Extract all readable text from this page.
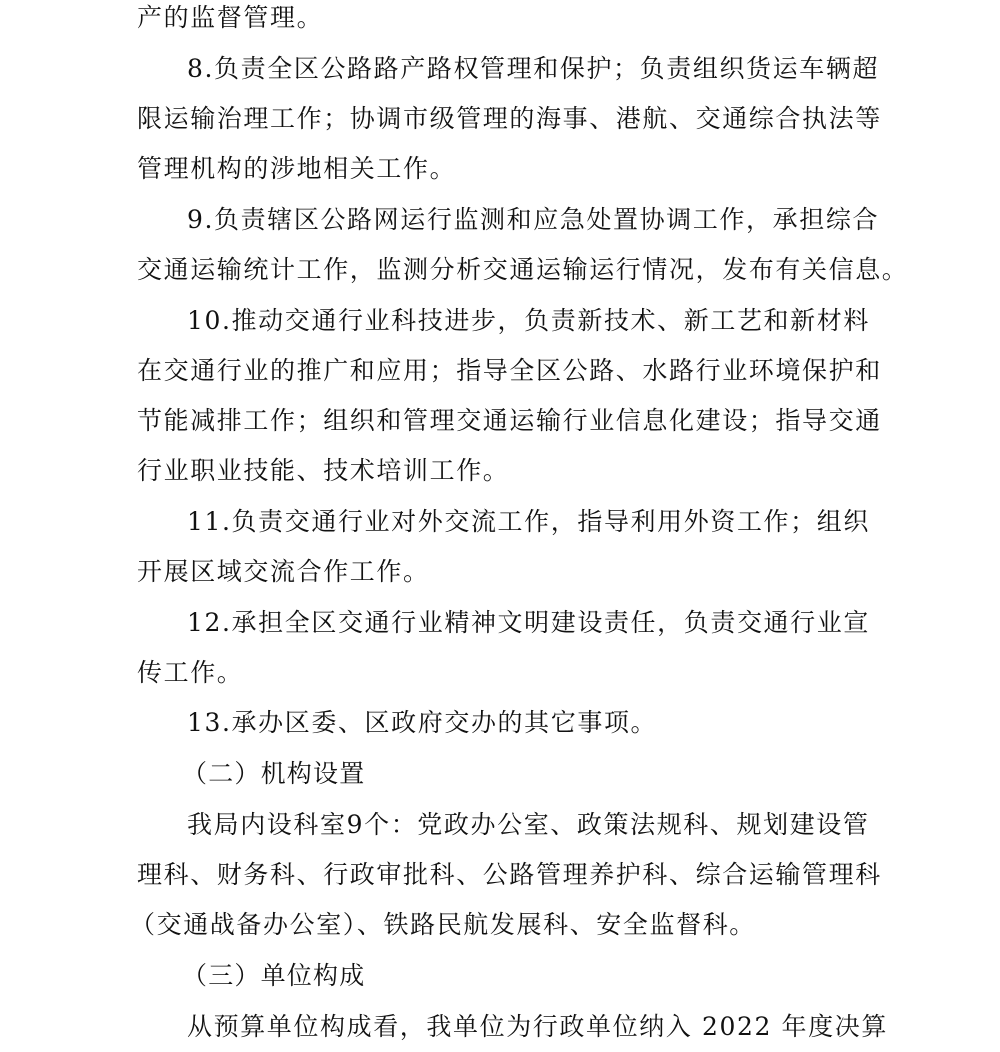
产的监督管理。
8.负责全区公路路产路权管理和保护；负责组织货运车辆超
限运输治理工作；协调市级管理的海事、港航、交通综合执法等
管理机构的涉地相关工作。
9.负责辖区公路网运行监测和应急处置协调工作，承担综合
交通运输统计工作，监测分析交通运输运行情况，发布有关信息。
10.推动交通行业科技进步，负责新技术、新工艺和新材料
在交通行业的推广和应用；指导全区公路、水路行业环境保护和
节能减排工作；组织和管理交通运输行业信息化建设；指导交通
行业职业技能、技术培训工作。
11.负责交通行业对外交流工作，指导利用外资工作；组织
开展区域交流合作工作。
12.承担全区交通行业精神文明建设责任，负责交通行业宣
传工作。
13.承办区委、区政府交办的其它事项。
（二）机构设置
我局内设科室9个：党政办公室、政策法规科、规划建设管
理科、财务科、行政审批科、公路管理养护科、综合运输管理科
（交通战备办公室）、铁路民航发展科、安全监督科。
（三）单位构成
从预算单位构成看，我单位为行政单位纳入 2022 年度决算
